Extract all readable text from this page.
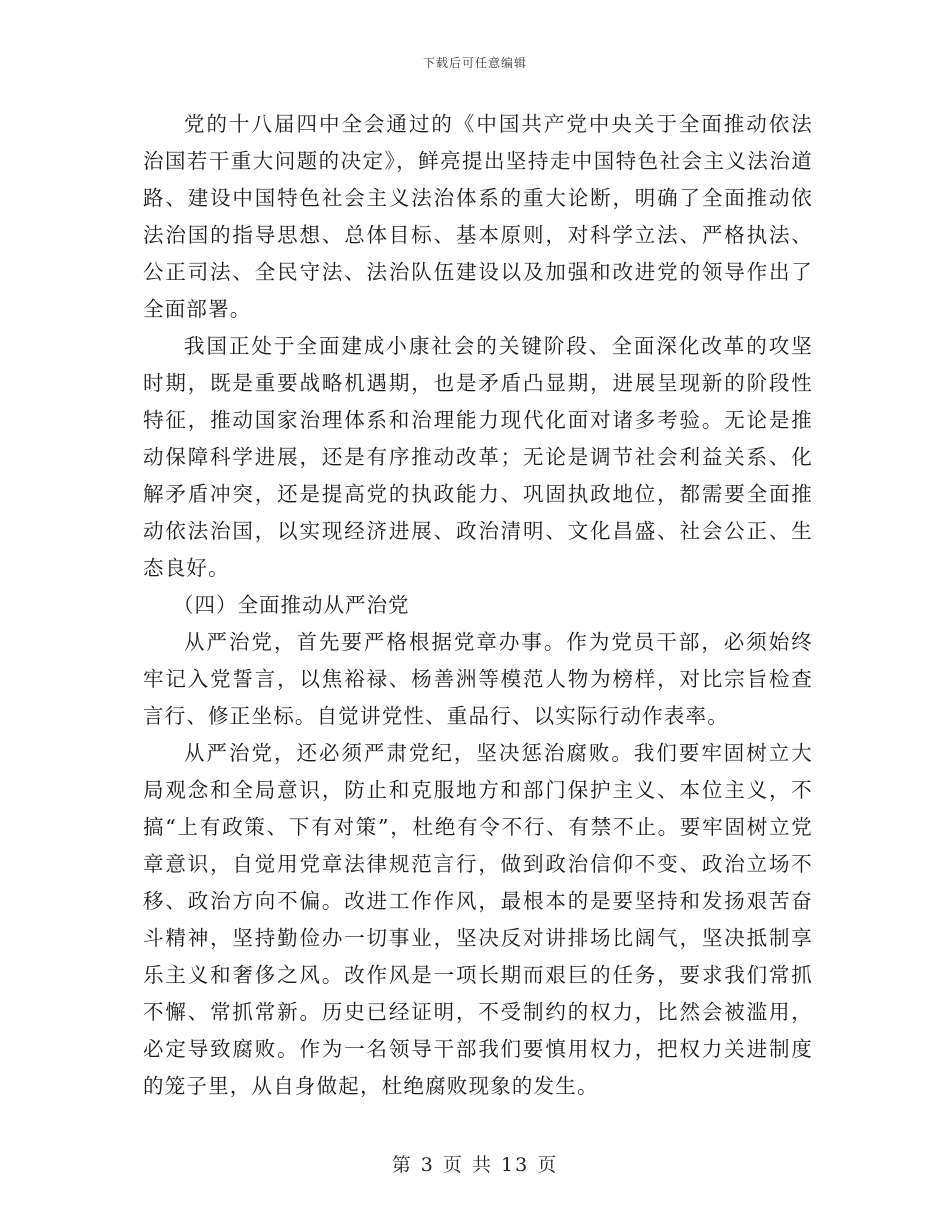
下载后可任意编辑

党的十八届四中全会通过的《中国共产党中央关于全面推动依法治国若干重大问题的决定》，鲜亮提出坚持走中国特色社会主义法治道路、建设中国特色社会主义法治体系的重大论断，明确了全面推动依法治国的指导思想、总体目标、基本原则，对科学立法、严格执法、公正司法、全民守法、法治队伍建设以及加强和改进党的领导作出了全面部署。

我国正处于全面建成小康社会的关键阶段、全面深化改革的攻坚时期，既是重要战略机遇期，也是矛盾凸显期，进展呈现新的阶段性特征，推动国家治理体系和治理能力现代化面对诸多考验。无论是推动保障科学进展，还是有序推动改革；无论是调节社会利益关系、化解矛盾冲突，还是提高党的执政能力、巩固执政地位，都需要全面推动依法治国，以实现经济进展、政治清明、文化昌盛、社会公正、生态良好。

（四）全面推动从严治党

从严治党，首先要严格根据党章办事。作为党员干部，必须始终牢记入党誓言，以焦裕禄、杨善洲等模范人物为榜样，对比宗旨检查言行、修正坐标。自觉讲党性、重品行、以实际行动作表率。

从严治党，还必须严肃党纪，坚决惩治腐败。我们要牢固树立大局观念和全局意识，防止和克服地方和部门保护主义、本位主义，不搞“上有政策、下有对策”，杜绝有令不行、有禁不止。要牢固树立党章意识，自觉用党章法律规范言行，做到政治信仰不变、政治立场不移、政治方向不偏。改进工作作风，最根本的是要坚持和发扬艰苦奋斗精神，坚持勤俭办一切事业，坚决反对讲排场比阔气，坚决抵制享乐主义和奢侈之风。改作风是一项长期而艰巨的任务，要求我们常抓不懈、常抓常新。历史已经证明，不受制约的权力，比然会被滥用，必定导致腐败。作为一名领导干部我们要慎用权力，把权力关进制度的笼子里，从自身做起，杜绝腐败现象的发生。

第 3 页 共 13 页
